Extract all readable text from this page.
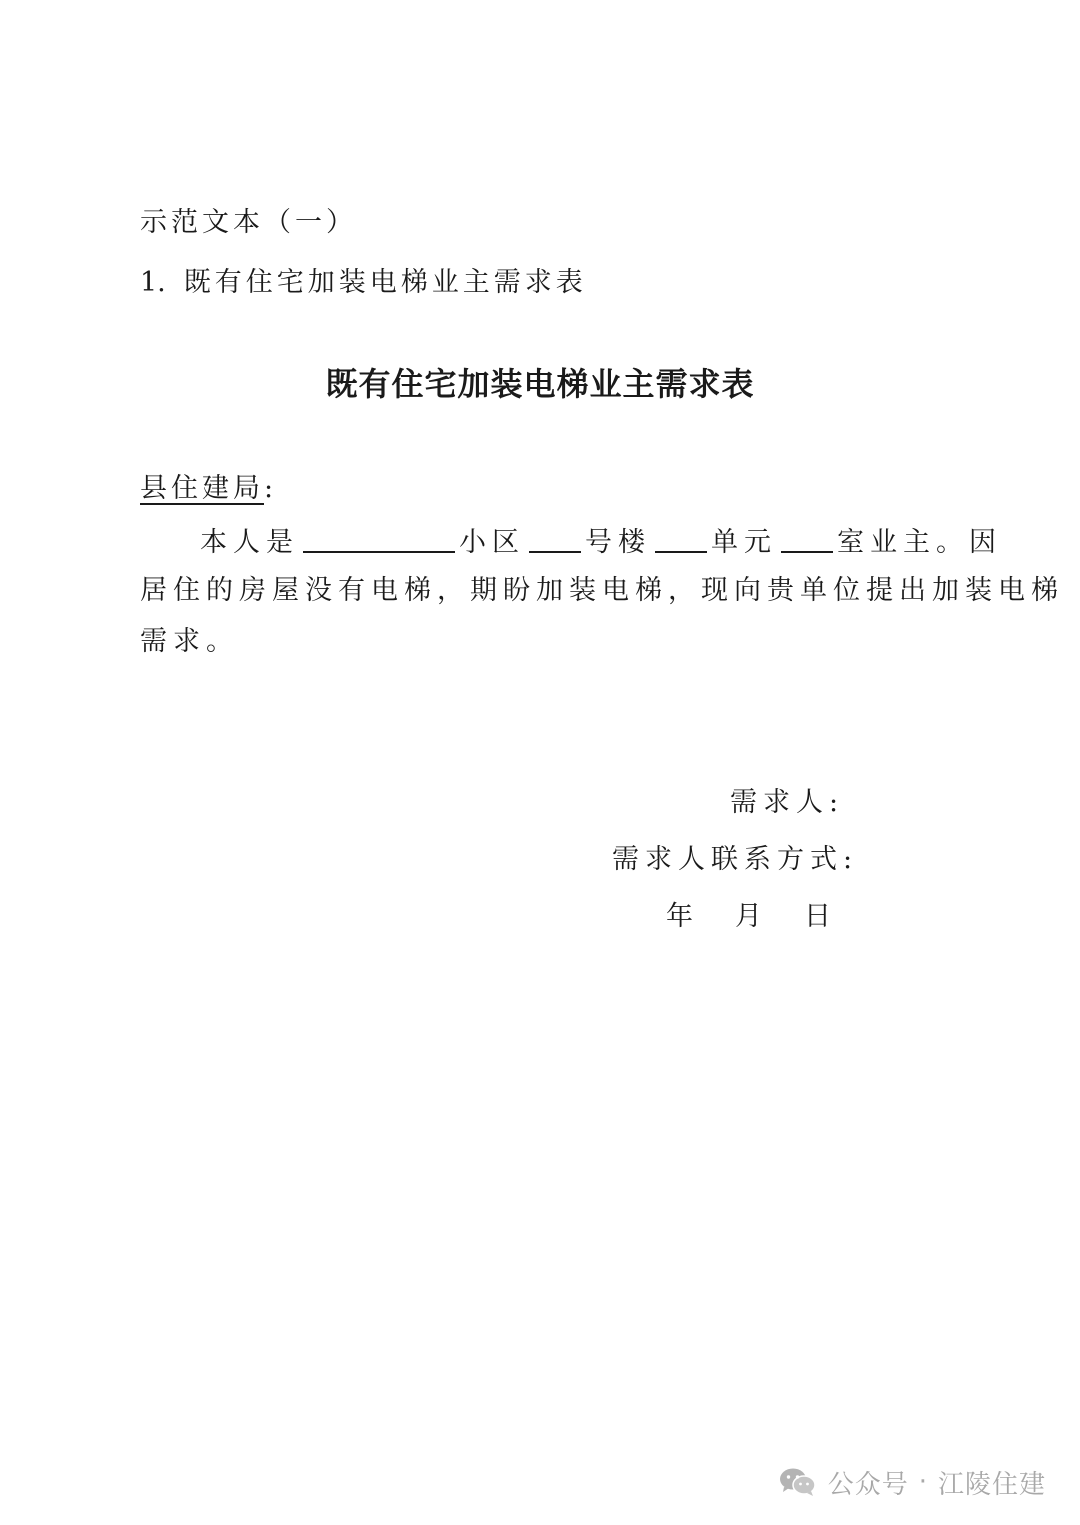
示范文本（一）
1. 既有住宅加装电梯业主需求表
既有住宅加装电梯业主需求表
县住建局:
本人是	小区 号楼 单元 室业主。因
居住的房屋没有电梯，期盼加装电梯，现向贵单位提出加装电梯
需求。
需求人:
需求人联系方式:
年 月 日
公众号 · 江陵住建
